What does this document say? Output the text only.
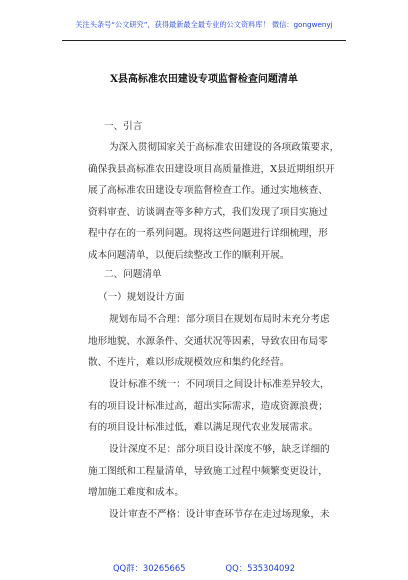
关注头条号“公文研究”，获得最新最全最专业的公文资料库！ 微信：gongwenyj
X县高标准农田建设专项监督检查问题清单
一、引言
为深入贯彻国家关于高标准农田建设的各项政策要求，
确保我县高标准农田建设项目高质量推进，X县近期组织开
展了高标准农田建设专项监督检查工作。通过实地核查、
资料审查、访谈调查等多种方式，我们发现了项目实施过
程中存在的一系列问题。现将这些问题进行详细梳理，形
成本问题清单，以便后续整改工作的顺利开展。
二、问题清单
（一）规划设计方面
规划布局不合理：部分项目在规划布局时未充分考虑
地形地貌、水源条件、交通状况等因素，导致农田布局零
散、不连片，难以形成规模效应和集约化经营。
设计标准不统一：不同项目之间设计标准差异较大，
有的项目设计标准过高，超出实际需求，造成资源浪费；
有的项目设计标准过低，难以满足现代农业发展需求。
设计深度不足：部分项目设计深度不够，缺乏详细的
施工图纸和工程量清单，导致施工过程中频繁变更设计，
增加施工难度和成本。
设计审查不严格：设计审查环节存在走过场现象，未
QQ群：30265665	QQ：535304092
